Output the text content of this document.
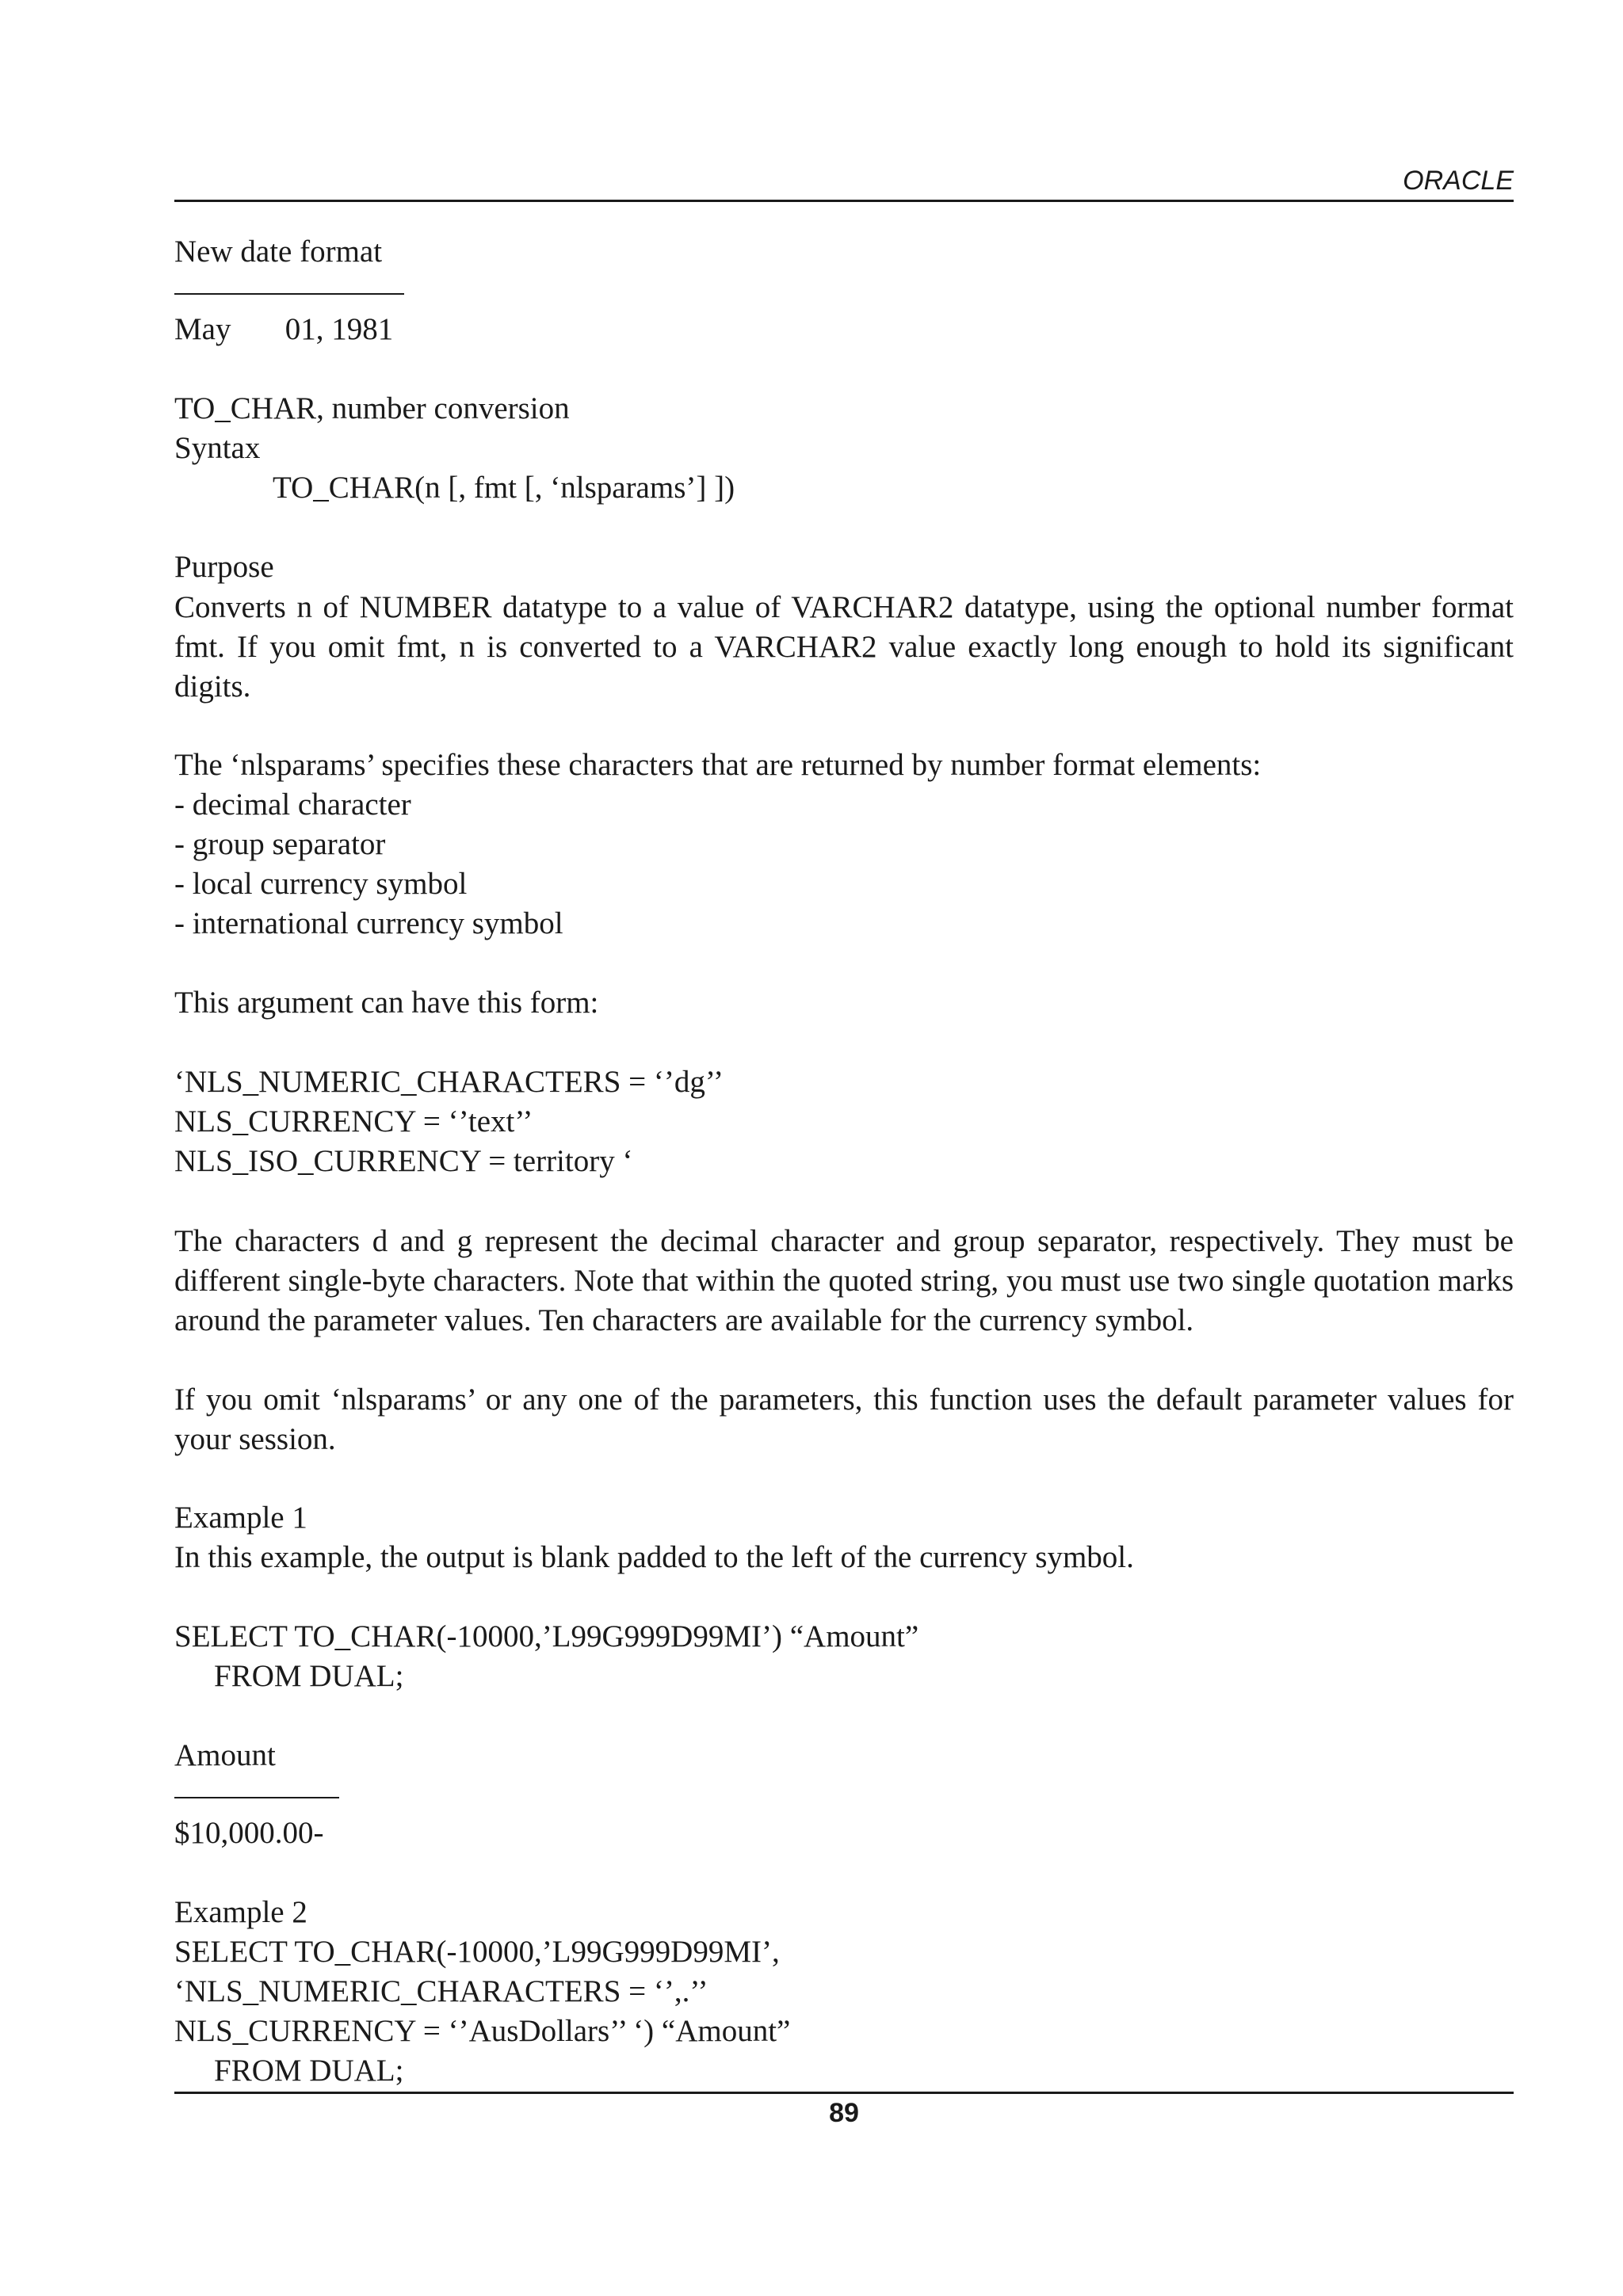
ORACLE
New date format
May       01, 1981
TO_CHAR, number conversion
Syntax
TO_CHAR(n [, fmt [, ‘nlsparams’] ])
Purpose
Converts n of NUMBER datatype to a value of VARCHAR2 datatype, using the optional number format fmt. If you omit fmt, n is converted to a VARCHAR2 value exactly long enough to hold its significant digits.
The ‘nlsparams’ specifies these characters that are returned by number format elements:
- decimal character
- group separator
- local currency symbol
- international currency symbol
This argument can have this form:
‘NLS_NUMERIC_CHARACTERS = ‘’dg’’
NLS_CURRENCY = ‘’text’’
NLS_ISO_CURRENCY = territory ‘
The characters d and g represent the decimal character and group separator, respectively. They must be different single-byte characters. Note that within the quoted string, you must use two single quotation marks around the parameter values. Ten characters are available for the currency symbol.
If you omit ‘nlsparams’ or any one of the parameters, this function uses the default parameter values for your session.
Example 1
In this example, the output is blank padded to the left of the currency symbol.
SELECT TO_CHAR(-10000,’L99G999D99MI’) “Amount”
FROM DUAL;
Amount
$10,000.00-
Example 2
SELECT TO_CHAR(-10000,’L99G999D99MI’,
‘NLS_NUMERIC_CHARACTERS = ‘’,.’’
NLS_CURRENCY = ‘’AusDollars’’ ‘) “Amount”
FROM DUAL;
89
